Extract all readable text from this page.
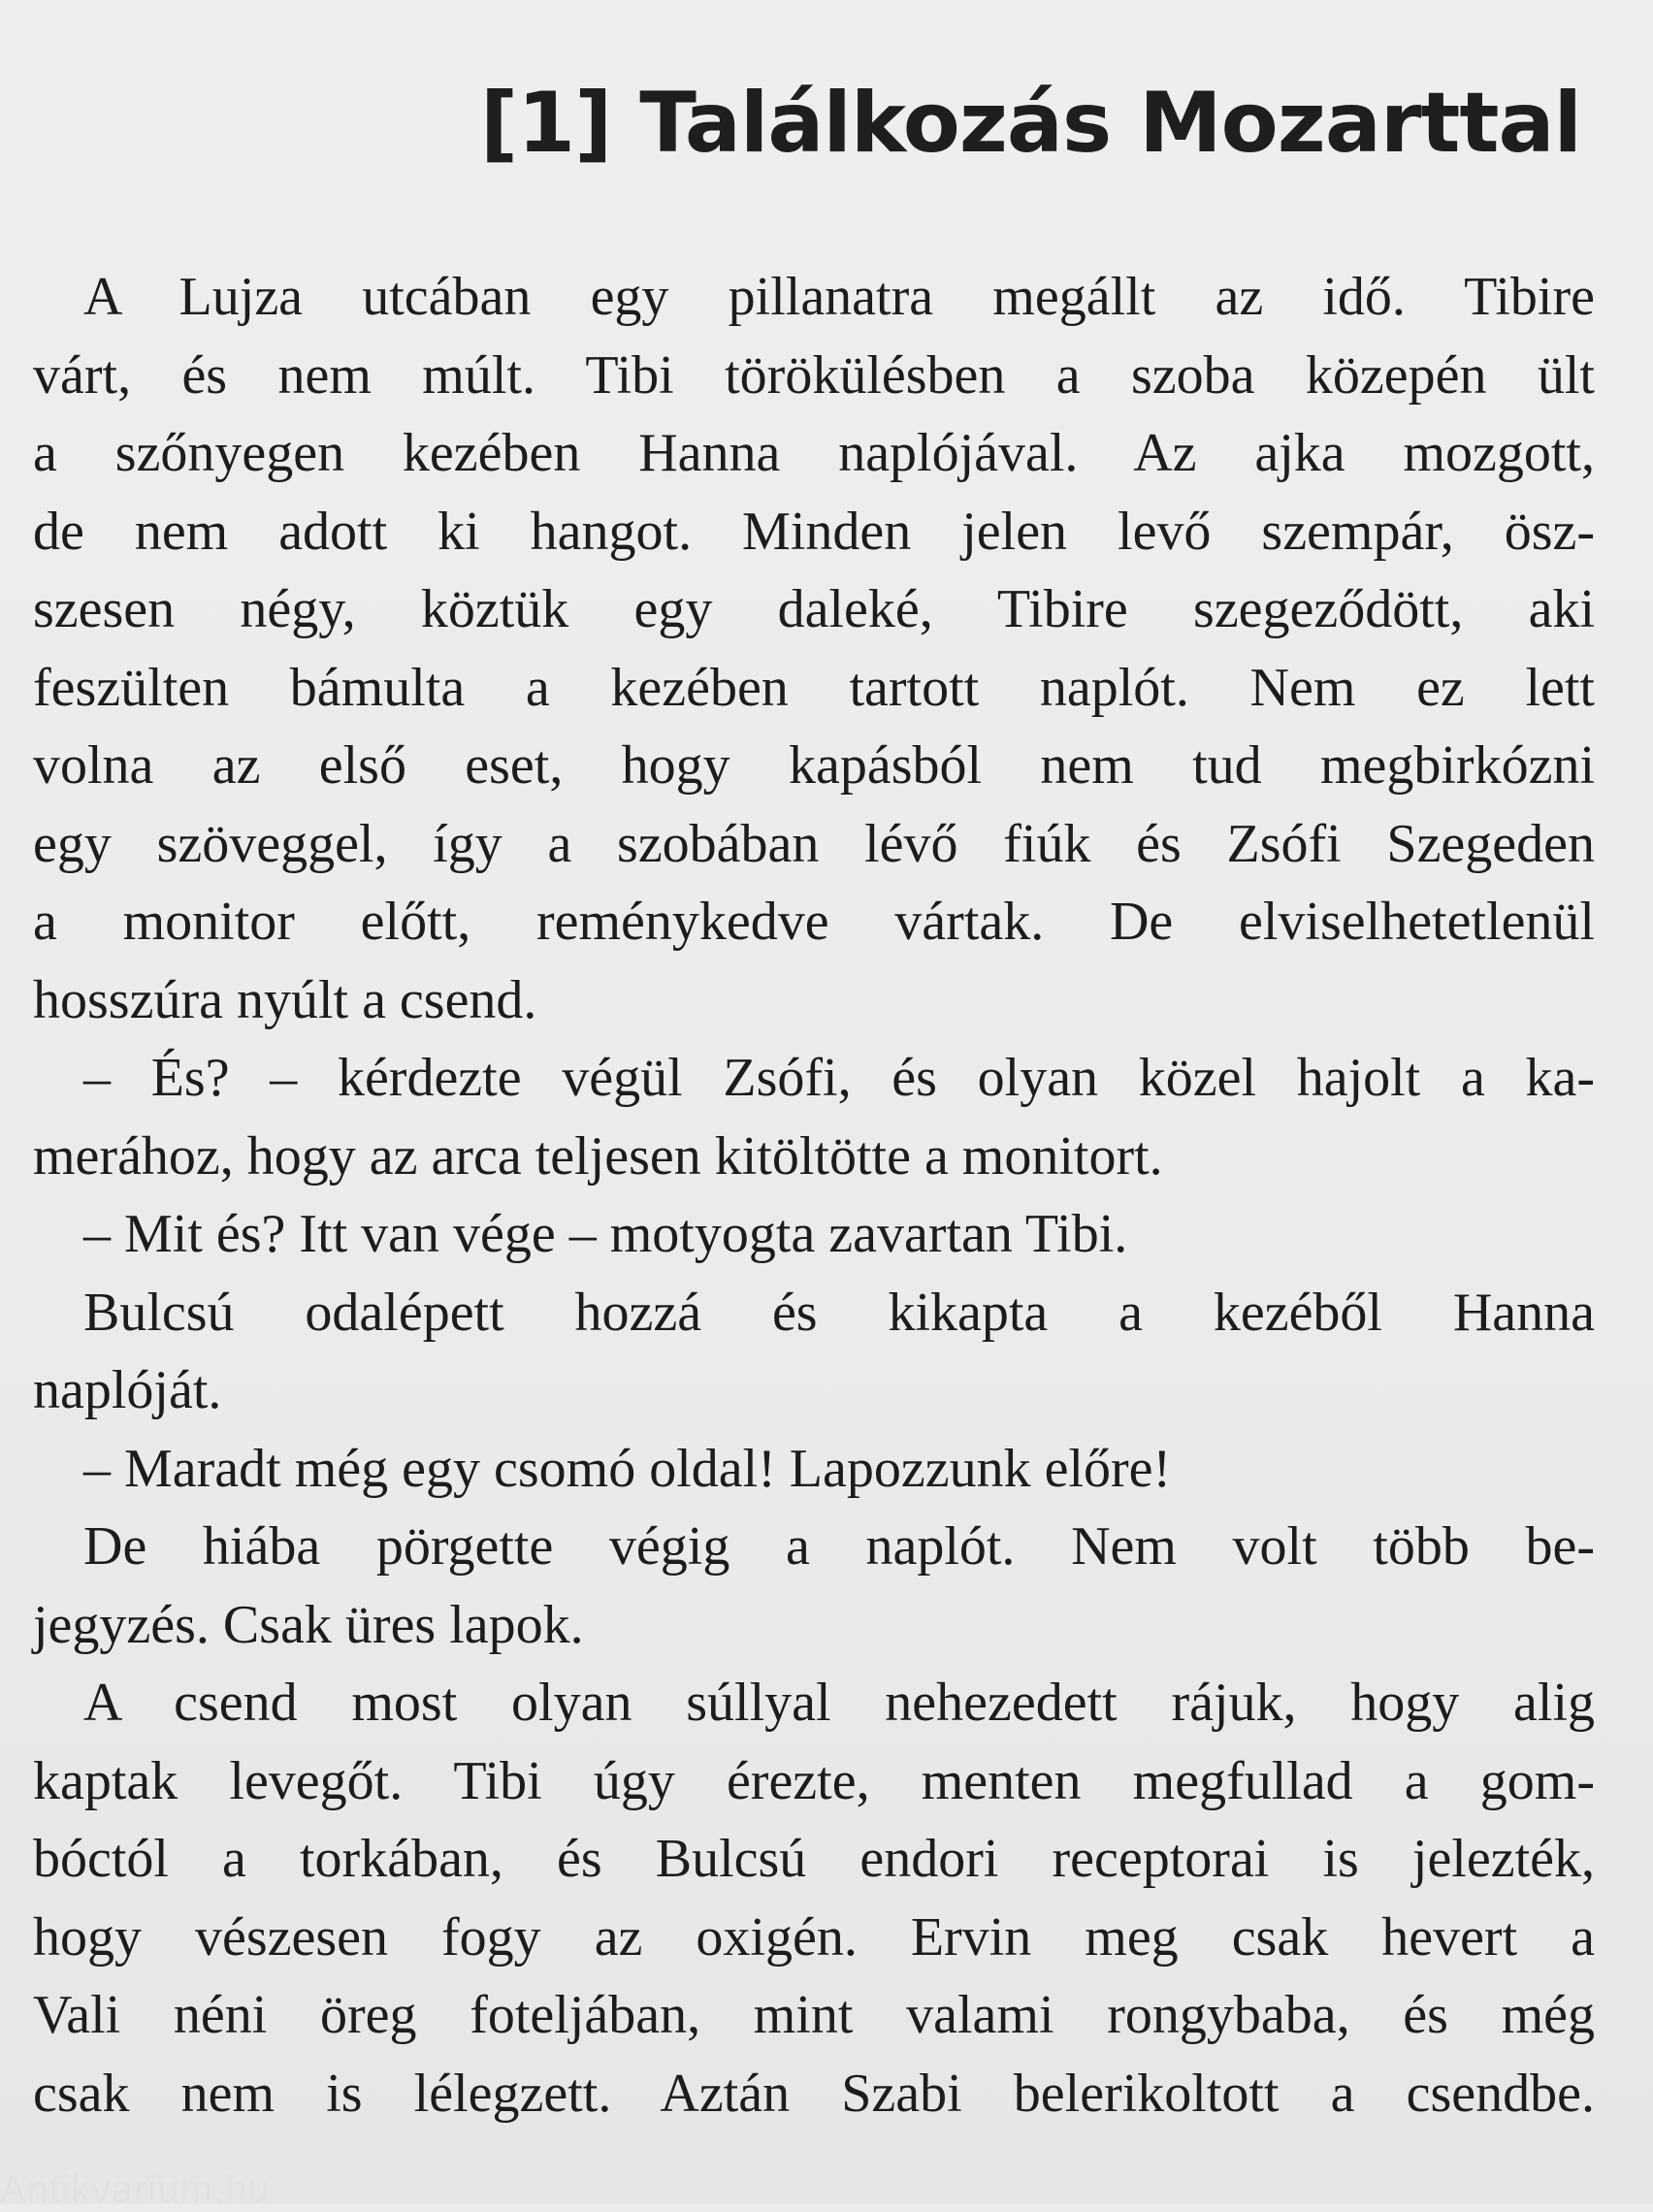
[1] Találkozás Mozarttal
A Lujza utcában egy pillanatra megállt az idő. Tibire
várt, és nem múlt. Tibi törökülésben a szoba közepén ült
a szőnyegen kezében Hanna naplójával. Az ajka mozgott,
de nem adott ki hangot. Minden jelen levő szempár, ösz-
szesen négy, köztük egy daleké, Tibire szegeződött, aki
feszülten bámulta a kezében tartott naplót. Nem ez lett
volna az első eset, hogy kapásból nem tud megbirkózni
egy szöveggel, így a szobában lévő fiúk és Zsófi Szegeden
a monitor előtt, reménykedve vártak. De elviselhetetlenül
hosszúra nyúlt a csend.
– És? – kérdezte végül Zsófi, és olyan közel hajolt a ka-
merához, hogy az arca teljesen kitöltötte a monitort.
– Mit és? Itt van vége – motyogta zavartan Tibi.
Bulcsú odalépett hozzá és kikapta a kezéből Hanna
naplóját.
– Maradt még egy csomó oldal! Lapozzunk előre!
De hiába pörgette végig a naplót. Nem volt több be-
jegyzés. Csak üres lapok.
A csend most olyan súllyal nehezedett rájuk, hogy alig
kaptak levegőt. Tibi úgy érezte, menten megfullad a gom-
bóctól a torkában, és Bulcsú endori receptorai is jelezték,
hogy vészesen fogy az oxigén. Ervin meg csak hevert a
Vali néni öreg foteljában, mint valami rongybaba, és még
csak nem is lélegzett. Aztán Szabi belerikoltott a csendbe.
Antikvarium.hu
